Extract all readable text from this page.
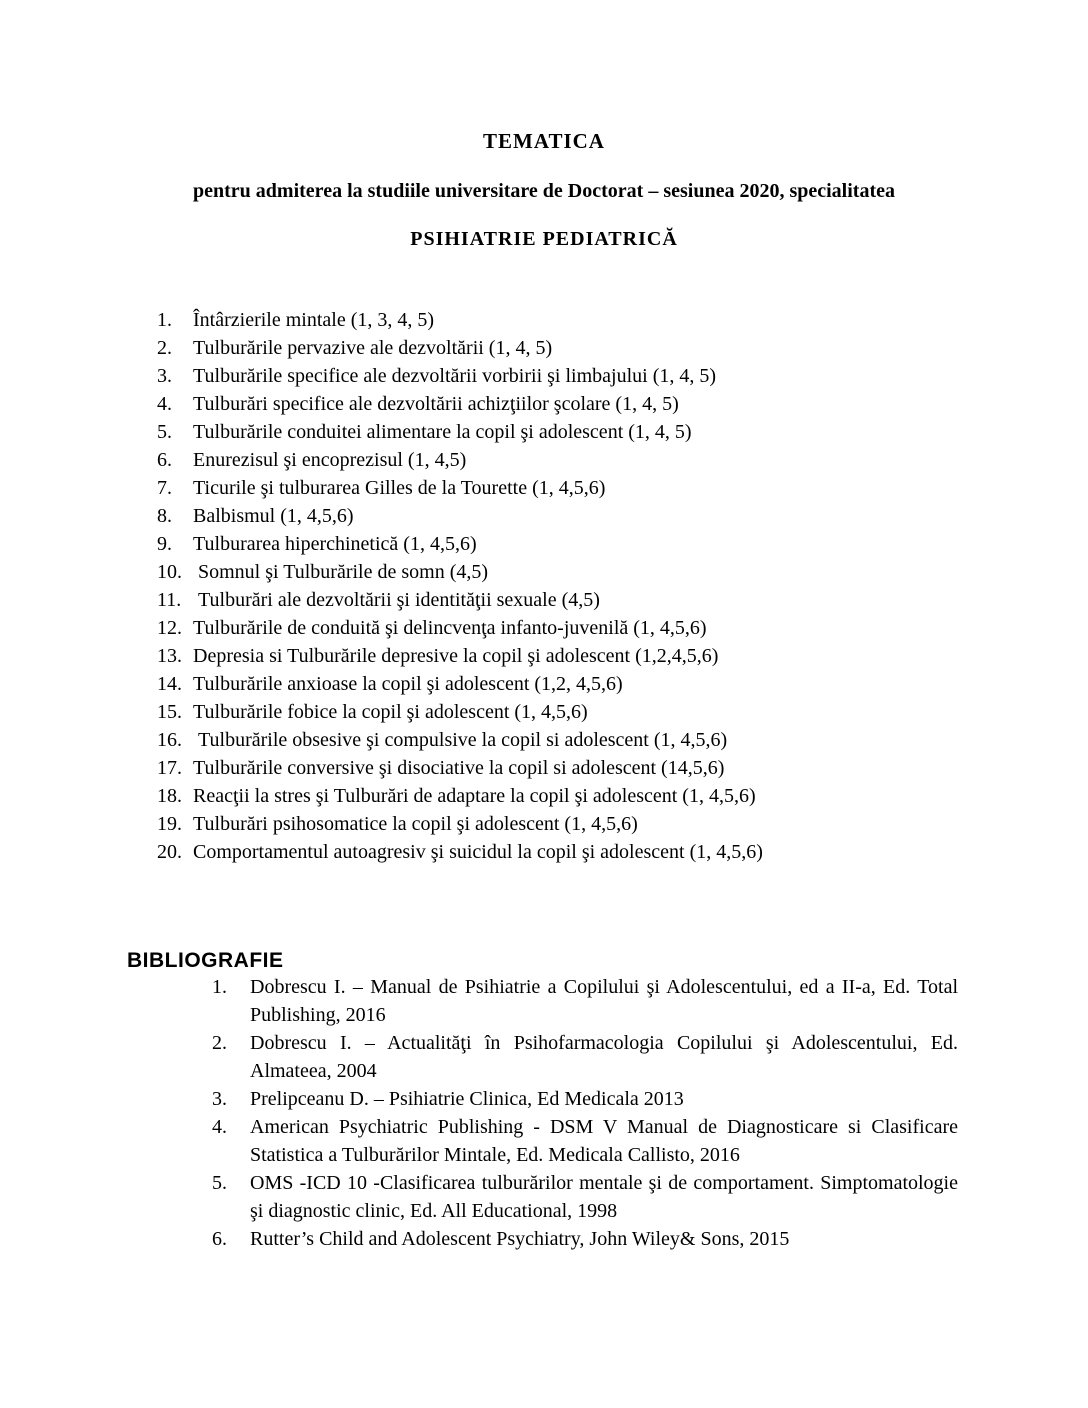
TEMATICA
pentru admiterea la studiile universitare de Doctorat – sesiunea 2020, specialitatea
PSIHIATRIE PEDIATRICĂ
1.	Întârzierile mintale (1, 3, 4, 5)
2.	Tulburările pervazive ale dezvoltării (1, 4, 5)
3.	Tulburările specifice ale dezvoltării vorbirii şi limbajului (1, 4, 5)
4.	Tulburări specifice ale dezvoltării achizţiilor şcolare (1, 4, 5)
5.	Tulburările conduitei alimentare la copil şi adolescent (1, 4, 5)
6.	Enurezisul şi encoprezisul (1, 4,5)
7.	Ticurile şi tulburarea Gilles de la Tourette (1, 4,5,6)
8.	Balbismul (1, 4,5,6)
9.	Tulburarea hiperchinetică (1, 4,5,6)
10. Somnul şi Tulburările de somn (4,5)
11. Tulburări ale dezvoltării şi identităţii sexuale (4,5)
12. Tulburările de conduită şi delincvenţa infanto-juvenilă (1, 4,5,6)
13. Depresia si Tulburările depresive la copil şi adolescent (1,2,4,5,6)
14. Tulburările anxioase la copil şi adolescent (1,2, 4,5,6)
15. Tulburările fobice la copil şi adolescent (1, 4,5,6)
16. Tulburările obsesive şi compulsive la copil si adolescent (1, 4,5,6)
17. Tulburările conversive şi disociative la copil si adolescent (14,5,6)
18. Reacţii la stres şi Tulburări de adaptare la copil şi adolescent (1, 4,5,6)
19. Tulburări psihosomatice la copil şi adolescent (1, 4,5,6)
20. Comportamentul autoagresiv şi suicidul la copil şi adolescent (1, 4,5,6)
BIBLIOGRAFIE
1.	Dobrescu I. – Manual de Psihiatrie a Copilului şi Adolescentului, ed a II-a, Ed. Total Publishing, 2016
2.	Dobrescu I. – Actualităţi în Psihofarmacologia Copilului şi Adolescentului, Ed. Almateea, 2004
3.	Prelipceanu D. – Psihiatrie Clinica, Ed Medicala 2013
4.	American Psychiatric Publishing - DSM V Manual de Diagnosticare si Clasificare Statistica a Tulburărilor Mintale, Ed. Medicala Callisto, 2016
5.	OMS -ICD 10 -Clasificarea tulburărilor mentale şi de comportament. Simptomatologie şi diagnostic clinic, Ed. All Educational, 1998
6.	Rutter’s Child and Adolescent Psychiatry, John Wiley& Sons, 2015
